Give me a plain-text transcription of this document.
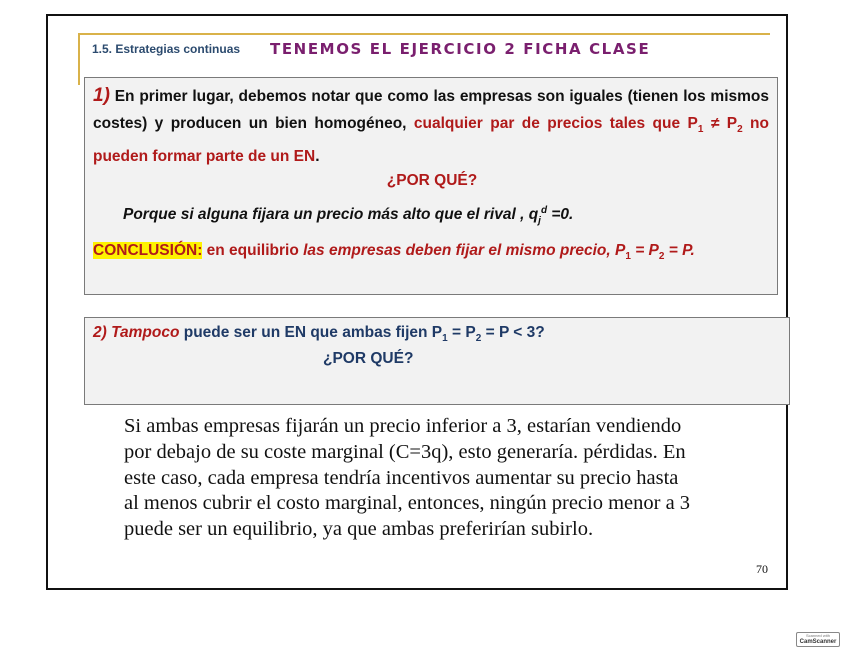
1.5. Estrategias continuas TENEMOS EL EJERCICIO 2 FICHA CLASE
1) En primer lugar, debemos notar que como las empresas son iguales (tienen los mismos costes) y producen un bien homogéneo, cualquier par de precios tales que $P_1 \ne P_2$ no pueden formar parte de un EN.
¿POR QUÉ?
Porque si alguna fijara un precio más alto que el rival , $q_j^d =0$.
CONCLUSIÓN: en equilibrio las empresas deben fijar el mismo precio, $P_1 = P_2 = P$.
2) Tampoco puede ser un EN que ambas fijen $P_1 = P_2 = P < 3$?
¿POR QUÉ?
Si ambas empresas fijarán un precio inferior a 3, estarían vendiendo por debajo de su coste marginal (C=3q), esto generaría. pérdidas. En este caso, cada empresa tendría incentivos aumentar su precio hasta al menos cubrir el costo marginal, entonces, ningún precio menor a 3 puede ser un equilibrio, ya que ambas preferirían subirlo.
70
Scanned with
CamScanner
